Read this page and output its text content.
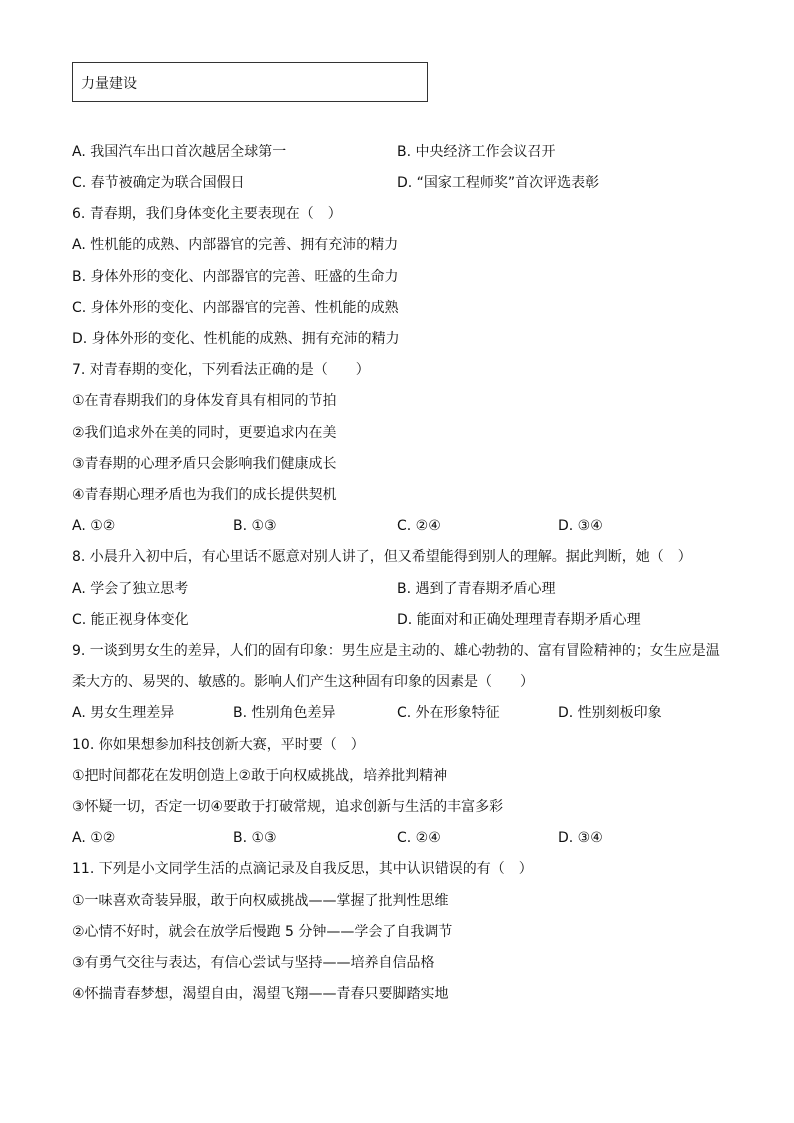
力量建设
A. 我国汽车出口首次越居全球第一	B. 中央经济工作会议召开
C. 春节被确定为联合国假日	D. “国家工程师奖”首次评选表彰
6. 青春期，我们身体变化主要表现在（　）
A. 性机能的成熟、内部器官的完善、拥有充沛的精力
B. 身体外形的变化、内部器官的完善、旺盛的生命力
C. 身体外形的变化、内部器官的完善、性机能的成熟
D. 身体外形的变化、性机能的成熟、拥有充沛的精力
7. 对青春期的变化，下列看法正确的是（　　）
①在青春期我们的身体发育具有相同的节拍
②我们追求外在美的同时，更要追求内在美
③青春期的心理矛盾只会影响我们健康成长
④青春期心理矛盾也为我们的成长提供契机
A. ①②	B. ①③	C. ②④	D. ③④
8. 小晨升入初中后，有心里话不愿意对别人讲了，但又希望能得到别人的理解。据此判断，她（　）
A. 学会了独立思考	B. 遇到了青春期矛盾心理
C. 能正视身体变化	D. 能面对和正确处理理青春期矛盾心理
9. 一谈到男女生的差异，人们的固有印象：男生应是主动的、雄心勃勃的、富有冒险精神的；女生应是温
柔大方的、易哭的、敏感的。影响人们产生这种固有印象的因素是（　　）
A. 男女生理差异	B. 性别角色差异	C. 外在形象特征	D. 性别刻板印象
10. 你如果想参加科技创新大赛，平时要（　）
①把时间都花在发明创造上②敢于向权威挑战，培养批判精神
③怀疑一切，否定一切④要敢于打破常规，追求创新与生活的丰富多彩
A. ①②	B. ①③	C. ②④	D. ③④
11. 下列是小文同学生活的点滴记录及自我反思，其中认识错误的有（　）
①一味喜欢奇装异服，敢于向权威挑战——掌握了批判性思维
②心情不好时，就会在放学后慢跑 5 分钟——学会了自我调节
③有勇气交往与表达，有信心尝试与坚持——培养自信品格
④怀揣青春梦想，渴望自由，渴望飞翔——青春只要脚踏实地
